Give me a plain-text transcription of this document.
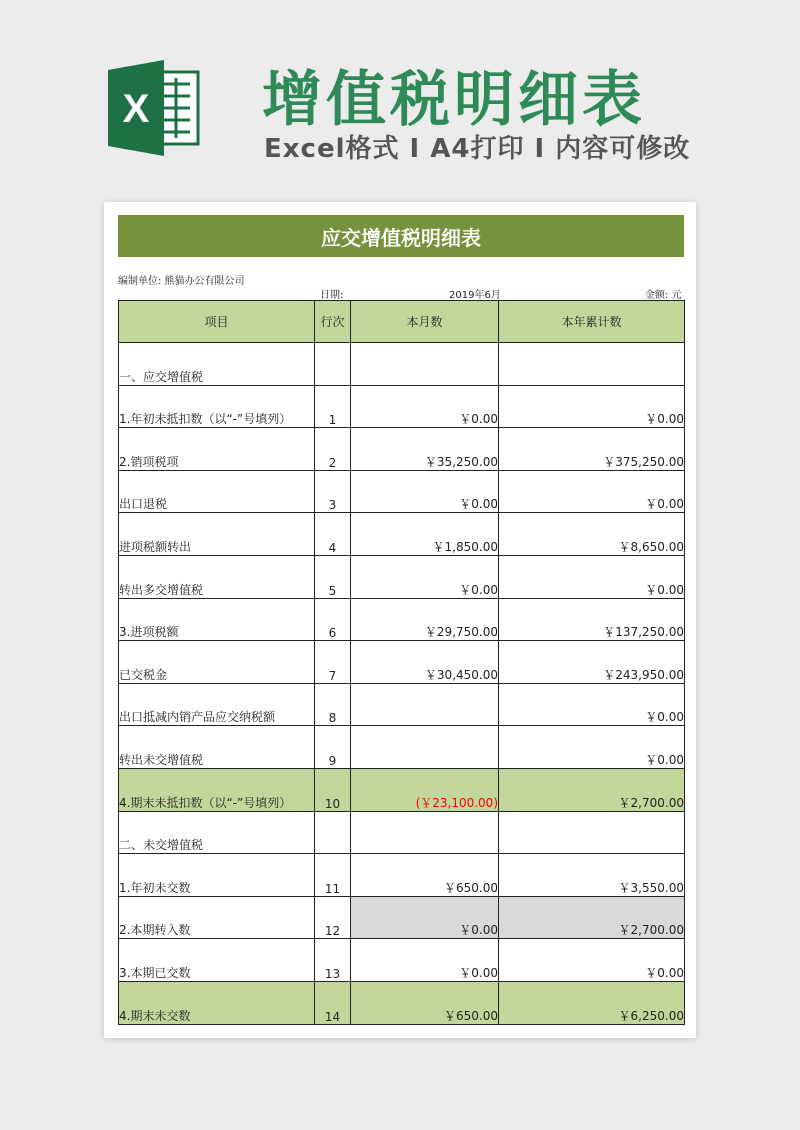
X 增值税明细表
Excel格式 I A4打印 I 内容可修改
应交增值税明细表
编制单位: 熊猫办公有限公司
日期:	2019年6月	金额: 元
项目	行次	本月数	本年累计数
一、应交增值税			
1.年初未抵扣数（以“-”号填列）	1	￥0.00	￥0.00
2.销项税项	2	￥35,250.00	￥375,250.00
出口退税	3	￥0.00	￥0.00
进项税额转出	4	￥1,850.00	￥8,650.00
转出多交增值税	5	￥0.00	￥0.00
3.进项税额	6	￥29,750.00	￥137,250.00
已交税金	7	￥30,450.00	￥243,950.00
出口抵减内销产品应交纳税额	8		￥0.00
转出未交增值税	9		￥0.00
4.期末未抵扣数（以“-”号填列）	10	(￥23,100.00)	￥2,700.00
二、未交增值税			
1.年初未交数	11	￥650.00	￥3,550.00
2.本期转入数	12	￥0.00	￥2,700.00
3.本期已交数	13	￥0.00	￥0.00
4.期末未交数	14	￥650.00	￥6,250.00
